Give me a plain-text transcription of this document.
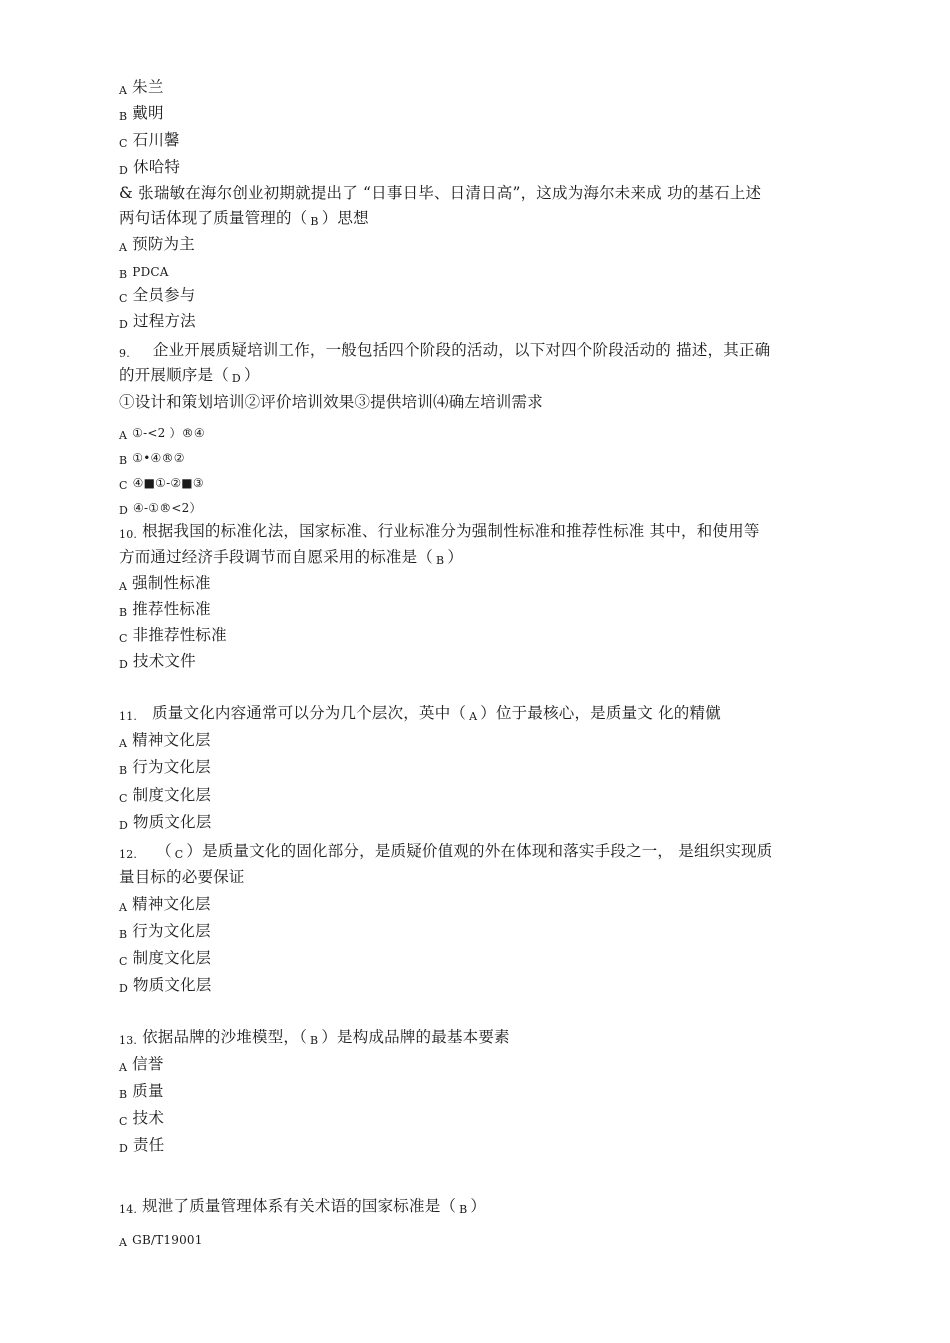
A 朱兰
B 戴明
C 石川馨
D 休哈特
& 张瑞敏在海尔创业初期就提出了 “日事日毕、日清日高”，这成为海尔未来成 功的基石上述
两句话体现了质量管理的（ B ）思想
A 预防为主
B PDCA
C 全员参与
D 过程方法
9. 企业开展质疑培训工作，一般包括四个阶段的活动，以下对四个阶段活动的 描述，其正确
的开展顺序是（ D ）
①设计和策划培训②评价培训效果③提供培训⑷确左培训需求
A ①-<2 ）®④
B ①•④®②
C ④■①-②■③
D ④-①®<2）
10. 根据我国的标准化法，国家标准、行业标准分为强制性标准和推荐性标准 其中，和使用等
方而通过经济手段调节而自愿采用的标准是（ B ）
A 强制性标准
B 推荐性标准
C 非推荐性标准
D 技术文件
11. 质量文化内容通常可以分为几个层次，英中（ A ）位于最核心，是质量文 化的精僦
A 精神文化层
B 行为文化层
C 制度文化层
D 物质文化层
12. （ C ）是质量文化的固化部分，是质疑价值观的外在体现和落实手段之一， 是组织实现质
量目标的必要保证
A 精神文化层
B 行为文化层
C 制度文化层
D 物质文化层
13. 依据品牌的沙堆模型，（ B ）是构成品牌的最基本要素
A 信誉
B 质量
C 技术
D 责任
14. 规泄了质量管理体系有关术语的国家标准是（ B ）
A GB/T19001
